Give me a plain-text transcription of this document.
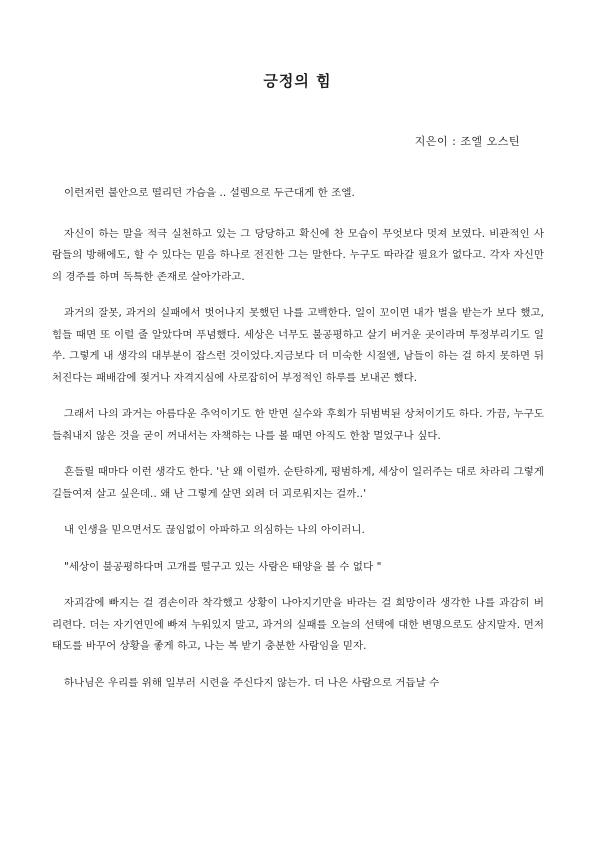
긍정의 힘
지은이 : 조엘 오스틴

이런저런 불안으로 떨리던 가슴을 .. 설렘으로 두근대게 한 조엘.

자신이 하는 말을 적극 실천하고 있는 그 당당하고 확신에 찬 모습이 무엇보다 멋져 보였다. 비관적인 사람들의 방해에도, 할 수 있다는 믿음 하나로 전진한 그는 말한다. 누구도 따라갈 필요가 없다고. 각자 자신만의 경주를 하며 독특한 존재로 살아가라고.

과거의 잘못, 과거의 실패에서 벗어나지 못했던 나를 고백한다. 일이 꼬이면 내가 벌을 받는가 보다 했고, 힘들 때면 또 이럴 줄 알았다며 푸념했다. 세상은 너무도 불공평하고 살기 버거운 곳이라며 투정부리기도 일쑤. 그렇게 내 생각의 대부분이 잡스런 것이었다.지금보다 더 미숙한 시절엔, 남들이 하는 걸 하지 못하면 뒤처진다는 패배감에 젖거나 자격지심에 사로잡히어 부정적인 하루를 보내곤 했다.

그래서 나의 과거는 아름다운 추억이기도 한 반면 실수와 후회가 뒤범벅된 상처이기도 하다. 가끔, 누구도 들춰내지 않은 것을 굳이 꺼내서는 자책하는 나를 볼 때면 아직도 한참 멀었구나 싶다.

흔들릴 때마다 이런 생각도 한다. '난 왜 이럴까. 순탄하게, 평범하게, 세상이 일러주는 대로 차라리 그렇게 길들여져 살고 싶은데.. 왜 난 그렇게 살면 외려 더 괴로워지는 걸까..'

내 인생을 믿으면서도 끊임없이 아파하고 의심하는 나의 아이러니.

"세상이 불공평하다며 고개를 떨구고 있는 사람은 태양을 볼 수 없다 "

자괴감에 빠지는 걸 겸손이라 착각했고 상황이 나아지기만을 바라는 걸 희망이라 생각한 나를 과감히 버리련다. 더는 자기연민에 빠져 누워있지 말고, 과거의 실패를 오늘의 선택에 대한 변명으로도 삼지말자. 먼저 태도를 바꾸어 상황을 좋게 하고, 나는 복 받기 충분한 사람임을 믿자.

하나님은 우리를 위해 일부러 시련을 주신다지 않는가. 더 나은 사람으로 거듭날 수
